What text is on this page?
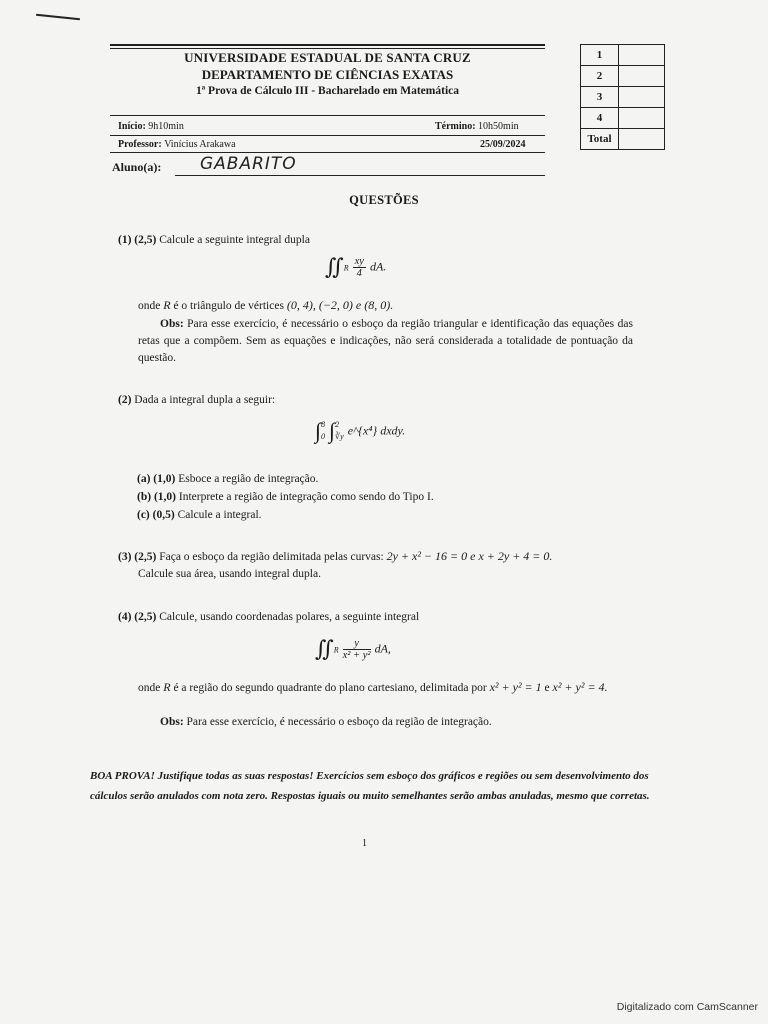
UNIVERSIDADE ESTADUAL DE SANTA CRUZ
DEPARTAMENTO DE CIÊNCIAS EXATAS
1ª Prova de Cálculo III - Bacharelado em Matemática
Início: 9h10min	Término: 10h50min
Professor: Vinícius Arakawa	25/09/2024
Aluno(a): GABARITO
1	
2	
3	
4	
Total	
QUESTÕES
(1) (2,5) Calcule a seguinte integral dupla
∬R $\frac{xy}{4}$ dA.
onde R é o triângulo de vértices (0, 4), (−2, 0) e (8, 0).
Obs: Para esse exercício, é necessário o esboço da região triangular e identificação das equações das retas que a compõem. Sem as equações e indicações, não será considerada a totalidade de pontuação da questão.
(2) Dada a integral dupla a seguir:
∫8
0 ∫2
∛y e^{x⁴} dxdy.
(a) (1,0) Esboce a região de integração.
(b) (1,0) Interprete a região de integração como sendo do Tipo I.
(c) (0,5) Calcule a integral.
(3) (2,5) Faça o esboço da região delimitada pelas curvas: 2y + x² − 16 = 0 e x + 2y + 4 = 0.
Calcule sua área, usando integral dupla.
(4) (2,5) Calcule, usando coordenadas polares, a seguinte integral
∬R $\frac{y}{\text{x² + y²}}$ dA,
onde R é a região do segundo quadrante do plano cartesiano, delimitada por x² + y² = 1 e x² + y² = 4.
Obs: Para esse exercício, é necessário o esboço da região de integração.
BOA PROVA! Justifique todas as suas respostas! Exercícios sem esboço dos gráficos e regiões ou sem desenvolvimento dos cálculos serão anulados com nota zero. Respostas iguais ou muito semelhantes serão ambas anuladas, mesmo que corretas.
1
Digitalizado com CamScanner
